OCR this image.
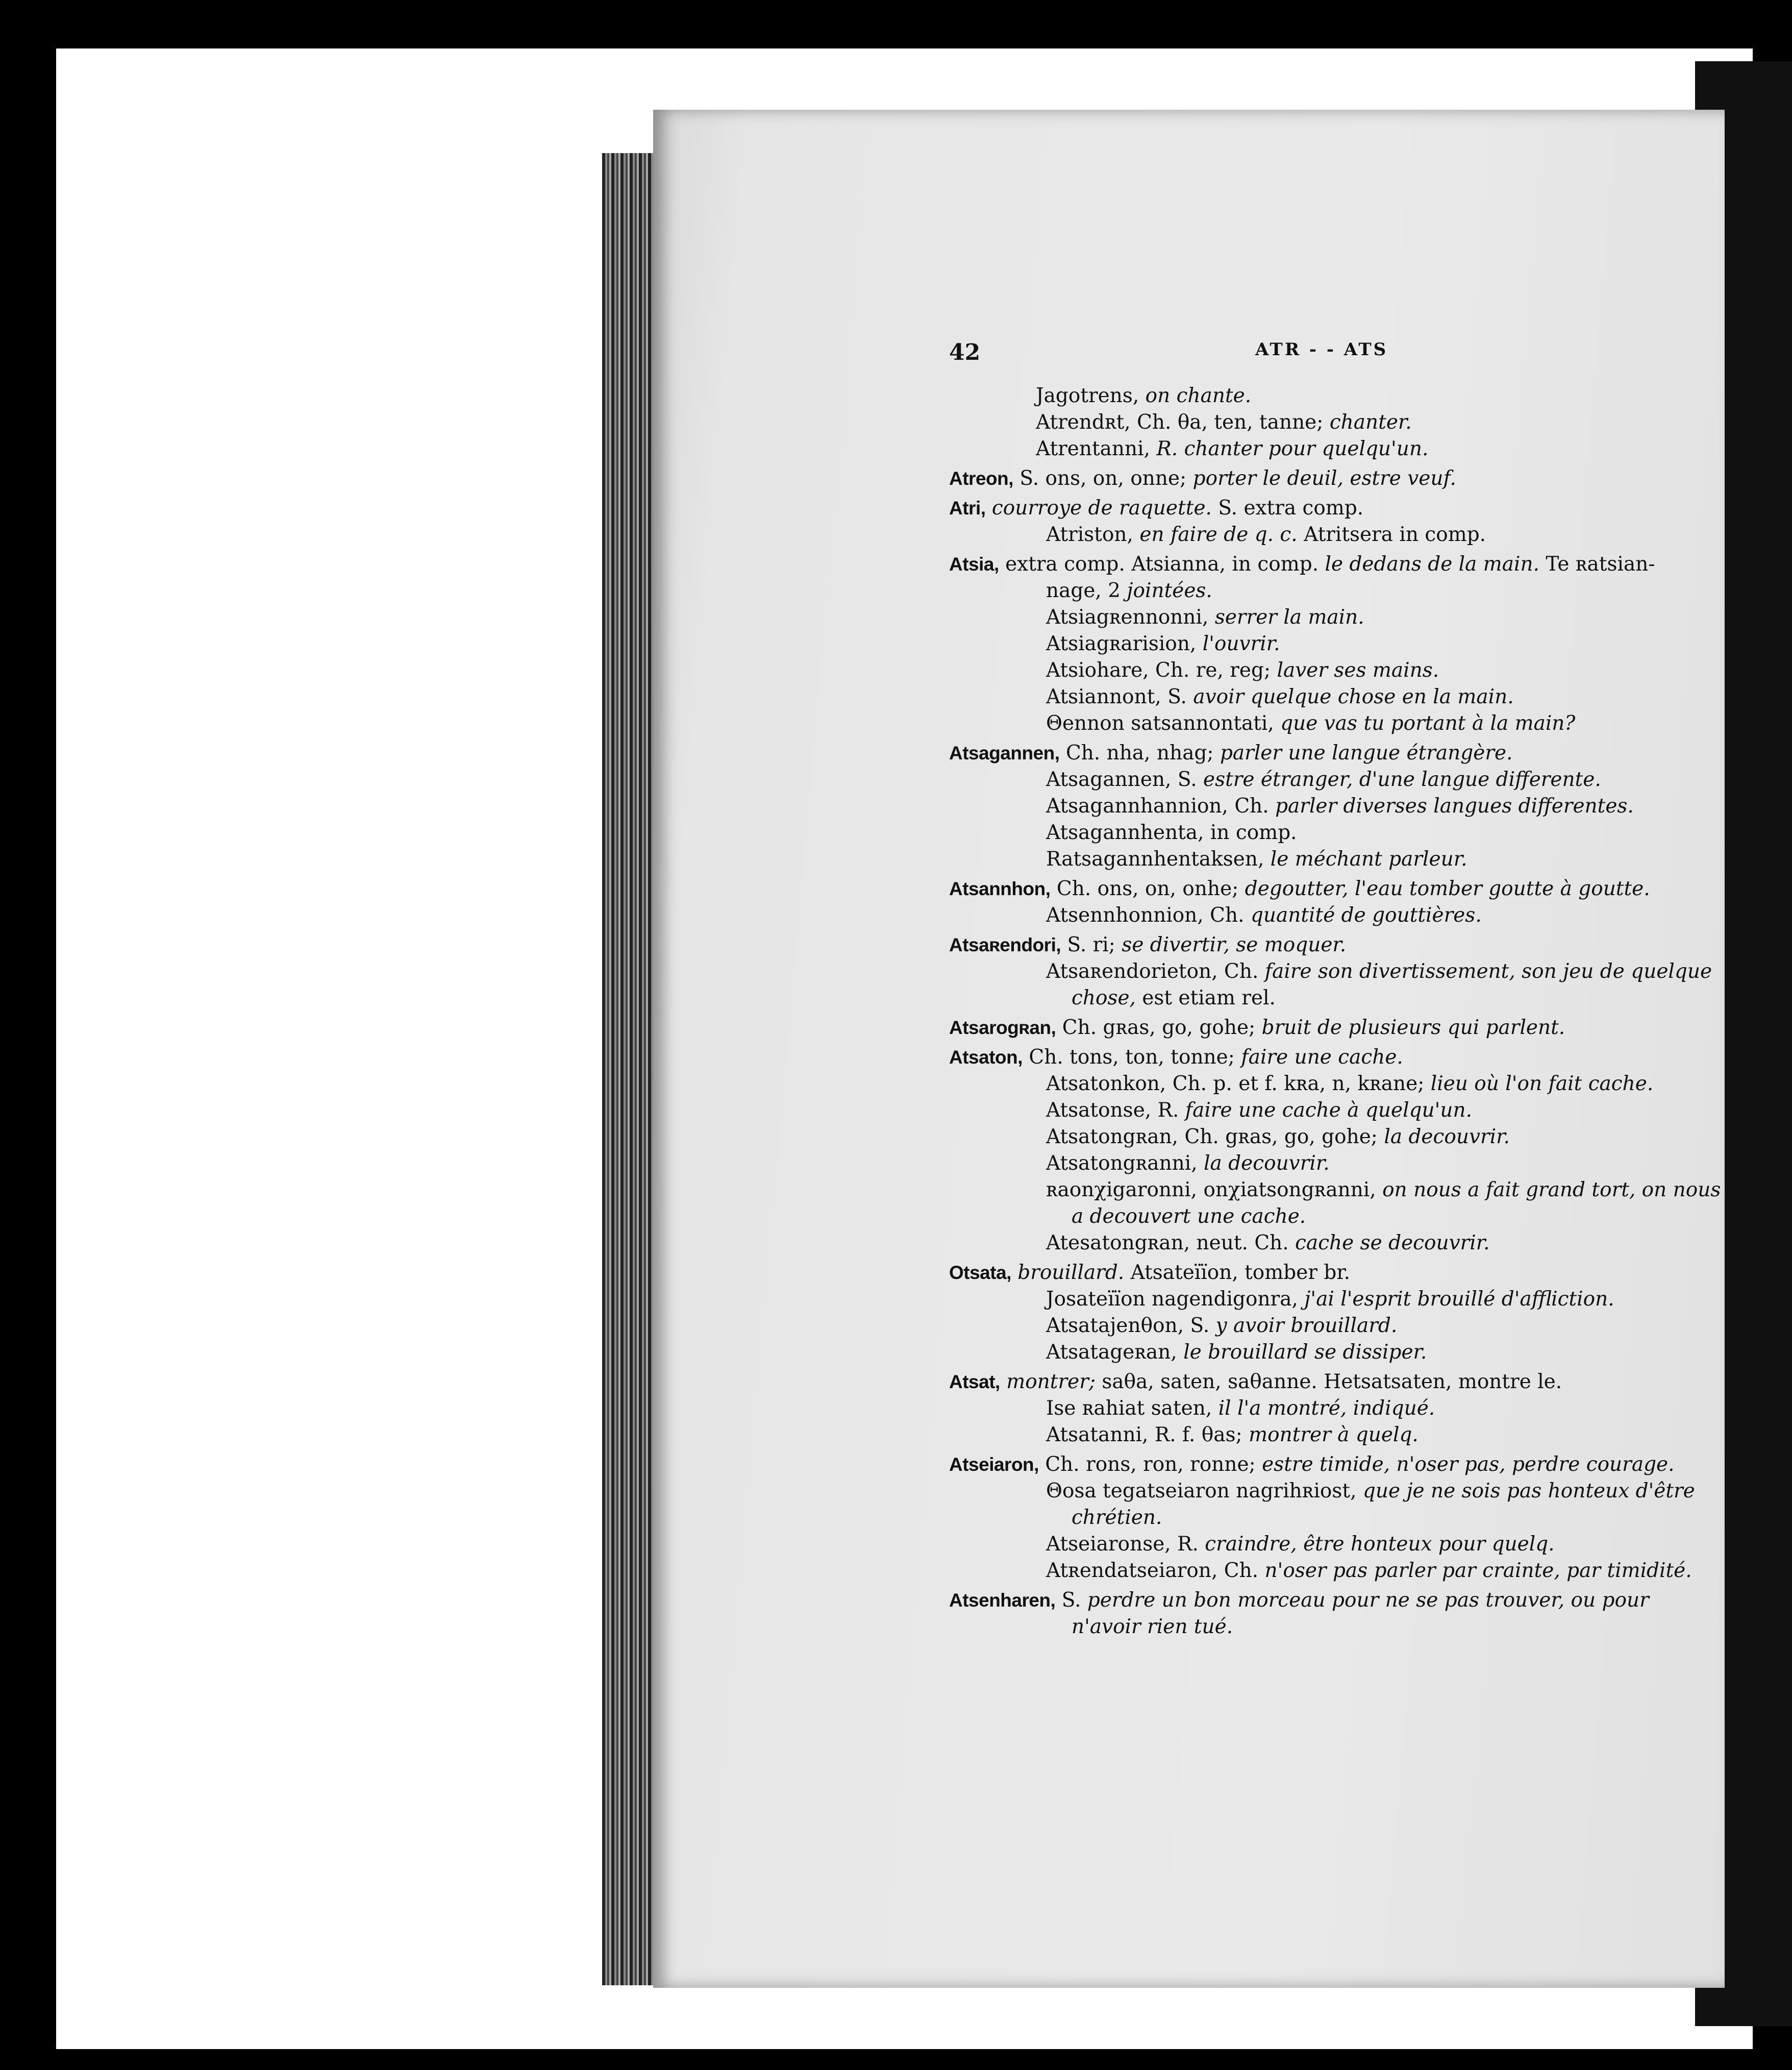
42	ATR - - ATS
Jagotrens, on chante.
Atrendʀt, Ch. θa, ten, tanne; chanter.
Atrentanni, R. chanter pour quelqu'un.
Atreon, S. ons, on, onne; porter le deuil, estre veuf.
Atri, courroye de raquette. S. extra comp.
Atriston, en faire de q. c. Atritsera in comp.
Atsia, extra comp. Atsianna, in comp. le dedans de la main. Te ʀatsian-
nage, 2 jointées.
Atsiagʀennonni, serrer la main.
Atsiagʀarision, l'ouvrir.
Atsiohare, Ch. re, reg; laver ses mains.
Atsiannont, S. avoir quelque chose en la main.
Θennon satsannontati, que vas tu portant à la main?
Atsagannen, Ch. nha, nhag; parler une langue étrangère.
Atsagannen, S. estre étranger, d'une langue differente.
Atsagannhannion, Ch. parler diverses langues differentes.
Atsagannhenta, in comp.
Ratsagannhentaksen, le méchant parleur.
Atsannhon, Ch. ons, on, onhe; degoutter, l'eau tomber goutte à goutte.
Atsennhonnion, Ch. quantité de gouttières.
Atsaʀendori, S. ri; se divertir, se moquer.
Atsaʀendorieton, Ch. faire son divertissement, son jeu de quelque
chose, est etiam rel.
Atsarogʀan, Ch. gʀas, go, gohe; bruit de plusieurs qui parlent.
Atsaton, Ch. tons, ton, tonne; faire une cache.
Atsatonkon, Ch. p. et f. kʀa, n, kʀane; lieu où l'on fait cache.
Atsatonse, R. faire une cache à quelqu'un.
Atsatongʀan, Ch. gʀas, go, gohe; la decouvrir.
Atsatongʀanni, la decouvrir.
ʀaonχigaronni, onχiatsongʀanni, on nous a fait grand tort, on nous
a decouvert une cache.
Atesatongʀan, neut. Ch. cache se decouvrir.
Otsata, brouillard. Atsateïïon, tomber br.
Josateïïon nagendigonra, j'ai l'esprit brouillé d'affliction.
Atsatajenθon, S. y avoir brouillard.
Atsatageʀan, le brouillard se dissiper.
Atsat, montrer; saθa, saten, saθanne. Hetsatsaten, montre le.
Ise ʀahiat saten, il l'a montré, indiqué.
Atsatanni, R. f. θas; montrer à quelq.
Atseiaron, Ch. rons, ron, ronne; estre timide, n'oser pas, perdre courage.
Θosa tegatseiaron nagrihʀiost, que je ne sois pas honteux d'être
chrétien.
Atseiaronse, R. craindre, être honteux pour quelq.
Atʀendatseiaron, Ch. n'oser pas parler par crainte, par timidité.
Atsenharen, S. perdre un bon morceau pour ne se pas trouver, ou pour
n'avoir rien tué.
